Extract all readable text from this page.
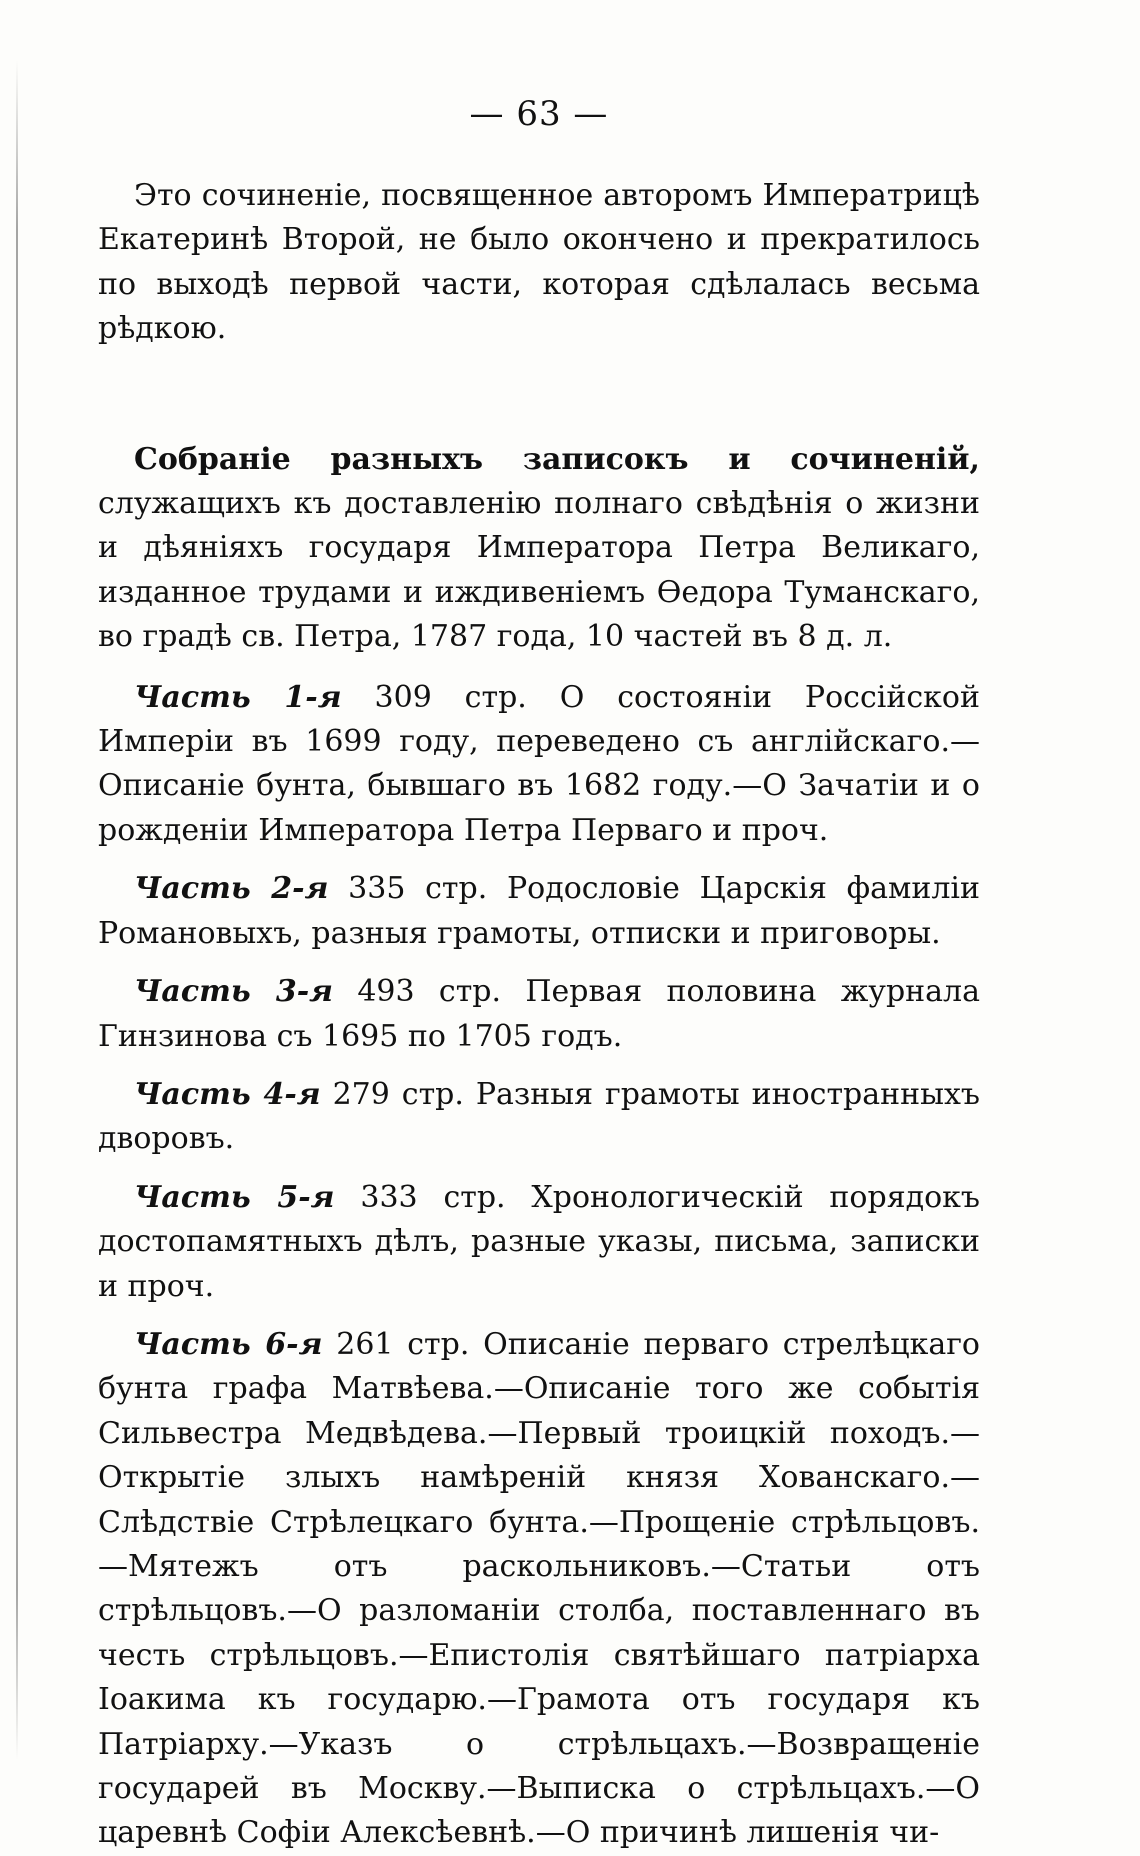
— 63 —

Это сочиненіе, посвященное авторомъ Императрицѣ Екатеринѣ Второй, не было окончено и прекратилось по выходѣ первой части, которая сдѣлалась весьма рѣдкою.

Собраніе разныхъ записокъ и сочиненій, служащихъ къ доставленію полнаго свѣдѣнія о жизни и дѣяніяхъ государя Императора Петра Великаго, изданное трудами и иждивеніемъ Өедора Туманскаго, во градѣ св. Петра, 1787 года, 10 частей въ 8 д. л.

Часть 1-я 309 стр. О состояніи Россійской Имперіи въ 1699 году, переведено съ англійскаго.—Описаніе бунта, бывшаго въ 1682 году.—О Зачатіи и о рожденіи Императора Петра Перваго и проч.

Часть 2-я 335 стр. Родословіе Царскія фамиліи Романовыхъ, разныя грамоты, отписки и приговоры.

Часть 3-я 493 стр. Первая половина журнала Гинзинова съ 1695 по 1705 годъ.

Часть 4-я 279 стр. Разныя грамоты иностранныхъ дворовъ.

Часть 5-я 333 стр. Хронологическій порядокъ достопамятныхъ дѣлъ, разные указы, письма, записки и проч.

Часть 6-я 261 стр. Описаніе перваго стрелѣцкаго бунта графа Матвѣева.—Описаніе того же событія Сильвестра Медвѣдева.—Первый троицкій походъ.—Открытіе злыхъ намѣреній князя Хованскаго.—Слѣдствіе Стрѣлецкаго бунта.—Прощеніе стрѣльцовъ.—Мятежъ отъ раскольниковъ.—Статьи отъ стрѣльцовъ.—О разломаніи столба, поставленнаго въ честь стрѣльцовъ.—Епистолія святѣйшаго патріарха Іоакима къ государю.—Грамота отъ государя къ Патріарху.—Указъ о стрѣльцахъ.—Возвращеніе государей въ Москву.—Выписка о стрѣльцахъ.—О царевнѣ Софіи Алексѣевнѣ.—О причинѣ лишенія чи-
